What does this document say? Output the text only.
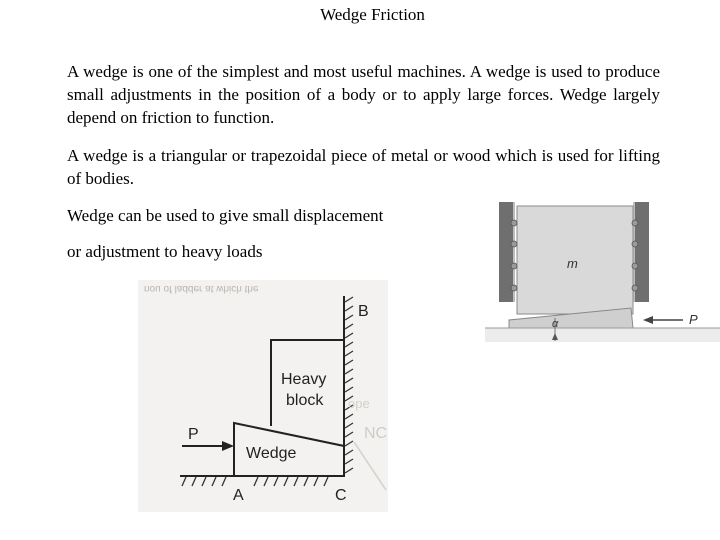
Wedge Friction

A wedge is one of the simplest and most useful machines. A wedge is used to produce small adjustments in the position of a body or to apply large forces. Wedge largely depend on friction to function.

A wedge is a triangular or trapezoidal piece of metal or wood which is used for lifting of bodies.

Wedge can be used to give small displacement
or adjustment to heavy loads
nou of ladder at which the
B
Heavy
block
Wedge
P
A	C
NC
ope
m
α	P
